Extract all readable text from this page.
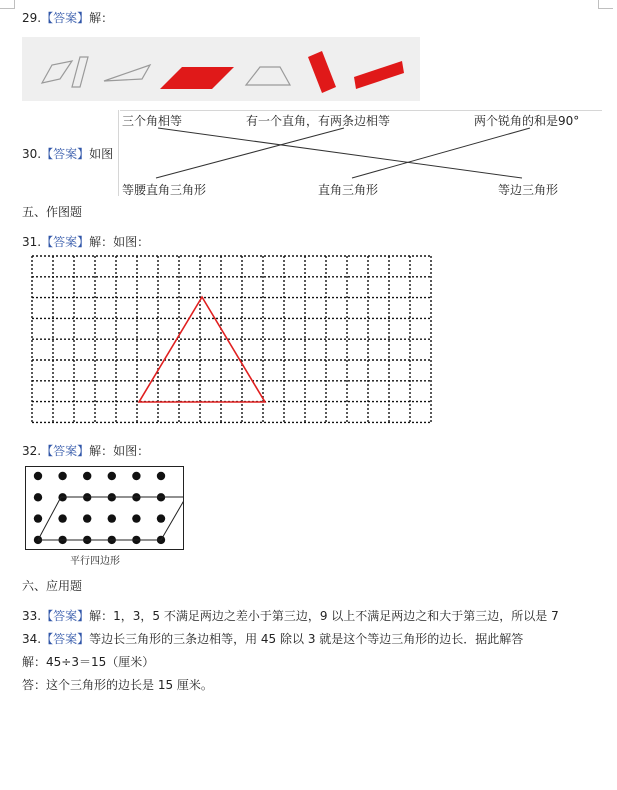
29.【答案】解：
30.【答案】如图
三个角相等	有一个直角，有两条边相等	两个锐角的和是90°
等腰直角三角形	直角三角形	等边三角形
五、作图题
31.【答案】解：如图：
32.【答案】解：如图：
平行四边形
六、应用题
33.【答案】解：1，3，5 不满足两边之差小于第三边，9 以上不满足两边之和大于第三边，所以是 7
34.【答案】等边长三角形的三条边相等，用 45 除以 3 就是这个等边三角形的边长．据此解答
解：45÷3＝15（厘米）
答：这个三角形的边长是 15 厘米。
